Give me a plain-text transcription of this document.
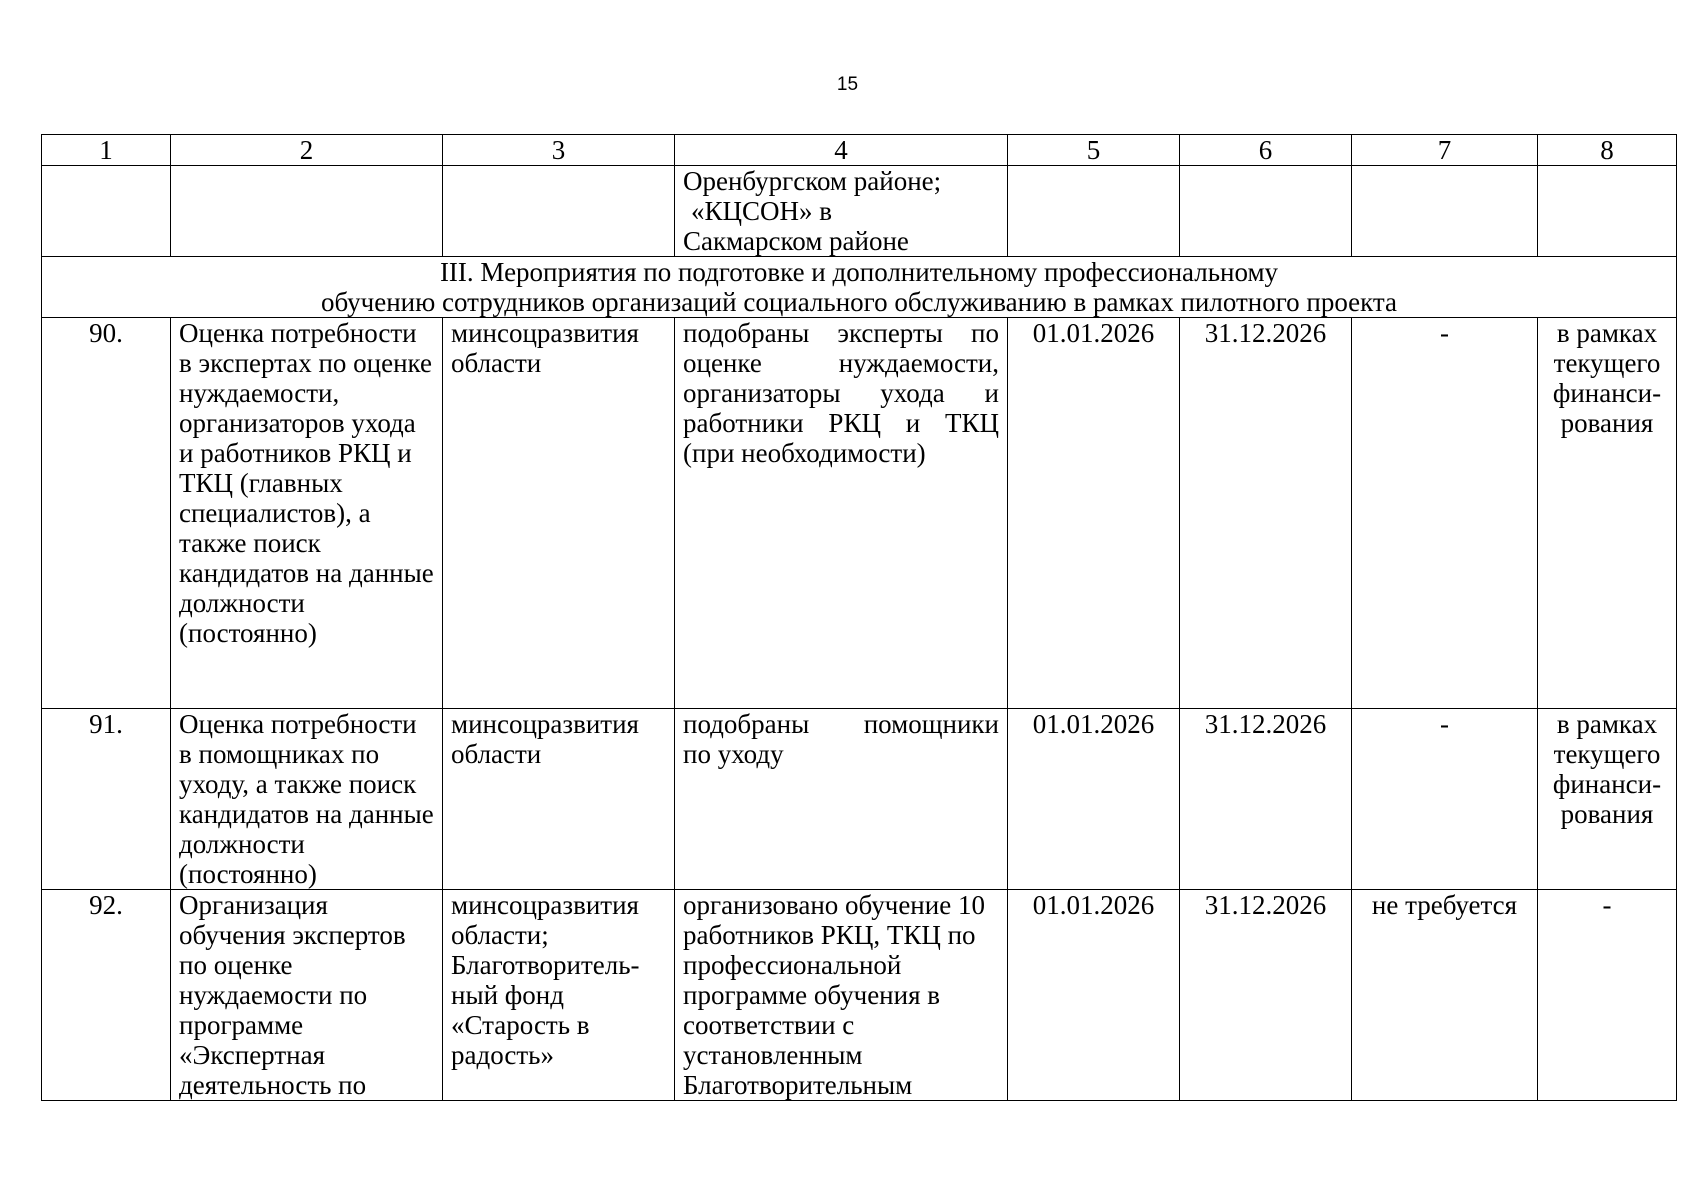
15
1	2	3	4	5	6	7	8

			Оренбургском районе;
«КЦСОН» в
Сакмарском районе				

III. Мероприятия по подготовке и дополнительному профессиональному
обучению сотрудников организаций социального обслуживанию в рамках пилотного проекта							

90.	Оценка потребности в экспертах по оценке нуждаемости, организаторов ухода и работников РКЦ и ТКЦ (главных специалистов), а также поиск кандидатов на данные должности (постоянно)	минсоцразвития области	подобраны эксперты по
оценке нуждаемости,
организаторы ухода и
работники РКЦ и ТКЦ
(при необходимости)	01.01.2026	31.12.2026	-	в рамках текущего финанси-рования
91.	Оценка потребности в помощниках по уходу, а также поиск кандидатов на данные должности (постоянно)	минсоцразвития области	подобраны помощники
по уходу	01.01.2026	31.12.2026	-	в рамках текущего финанси-рования
92.	Организация обучения экспертов по оценке нуждаемости по программе «Экспертная деятельность по	минсоцразвития области; Благотворитель-ный фонд «Старость в радость»	организовано обучение 10 работников РКЦ, ТКЦ по профессиональной программе обучения в соответствии с установленным Благотворительным	01.01.2026	31.12.2026	не требуется	-
